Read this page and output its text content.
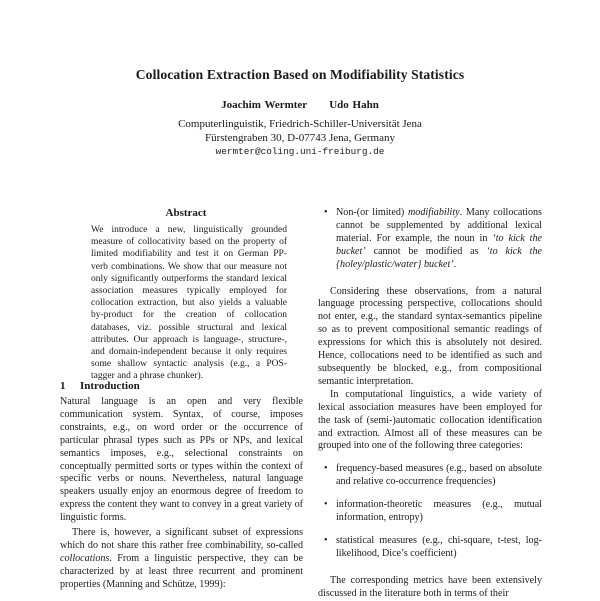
Collocation Extraction Based on Modifiability Statistics
Joachim Wermter Udo Hahn
Computerlinguistik, Friedrich-Schiller-Universität Jena
Fürstengraben 30, D-07743 Jena, Germany
wermter@coling.uni-freiburg.de
Abstract

We introduce a new, linguistically grounded measure of collocativity based on the property of limited modifiability and test it on German PP-verb combinations. We show that our measure not only significantly outperforms the standard lexical association measures typically employed for collocation extraction, but also yields a valuable by-product for the creation of collocation databases, viz. possible structural and lexical attributes. Our approach is language-, structure-, and domain-independent because it only requires some shallow syntactic analysis (e.g., a POS-tagger and a phrase chunker).

1 Introduction

Natural language is an open and very flexible communication system. Syntax, of course, imposes constraints, e.g., on word order or the occurrence of particular phrasal types such as PPs or NPs, and lexical semantics imposes, e.g., selectional constraints on conceptually permitted sorts or types within the context of specific verbs or nouns. Nevertheless, natural language speakers usually enjoy an enormous degree of freedom to express the content they want to convey in a great variety of linguistic forms.

There is, however, a significant subset of expressions which do not share this rather free combinability, so-called collocations. From a linguistic perspective, they can be characterized by at least three recurrent and prominent properties (Manning and Schütze, 1999):

• Non-(or limited) modifiability. Many collocations cannot be supplemented by additional lexical material. For example, the noun in ‘to kick the bucket’ cannot be modified as ‘to kick the {holey/plastic/water} bucket’.

Considering these observations, from a natural language processing perspective, collocations should not enter, e.g., the standard syntax-semantics pipeline so as to prevent compositional semantic readings of expressions for which this is absolutely not desired. Hence, collocations need to be identified as such and subsequently be blocked, e.g., from compositional semantic interpretation.

In computational linguistics, a wide variety of lexical association measures have been employed for the task of (semi-)automatic collocation identification and extraction. Almost all of these measures can be grouped into one of the following three categories:

• frequency-based measures (e.g., based on absolute and relative co-occurrence frequencies)
• information-theoretic measures (e.g., mutual information, entropy)
• statistical measures (e.g., chi-square, t-test, log-likelihood, Dice’s coefficient)

The corresponding metrics have been extensively discussed in the literature both in terms of their
